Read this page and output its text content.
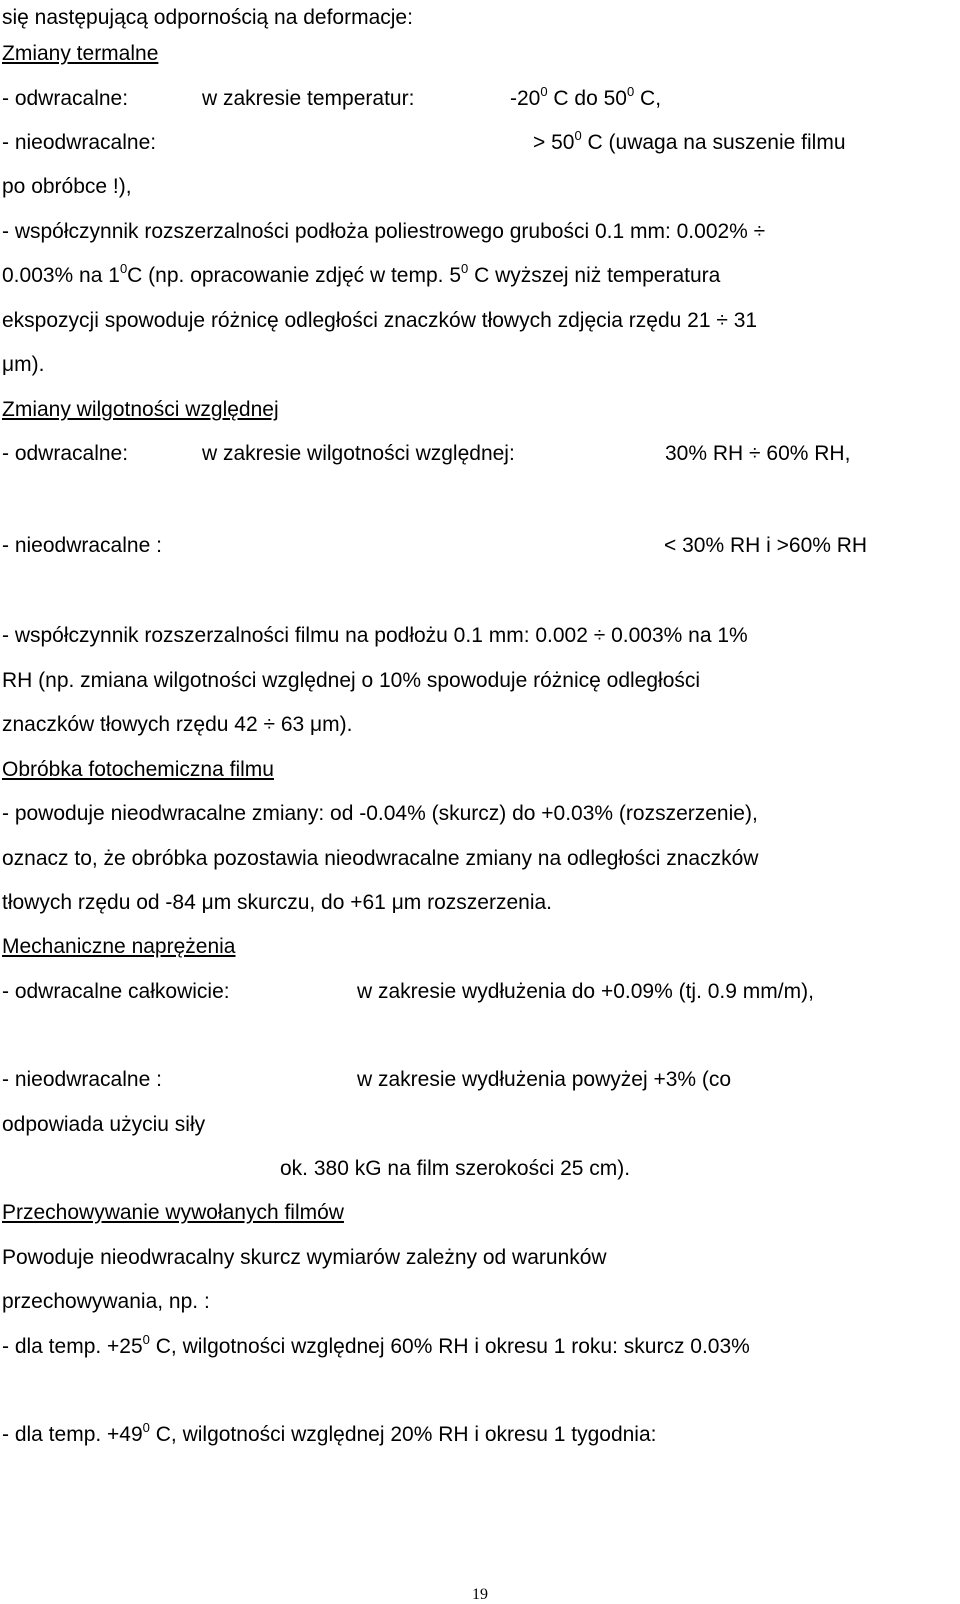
się następującą odpornością na deformacje:
Zmiany termalne
- odwracalne:	w zakresie temperatur:	$-20^0$ C do $50^0$ C,
- nieodwracalne:	> $50^0$ C (uwaga na suszenie filmu
po obróbce !),
- współczynnik rozszerzalności podłoża poliestrowego grubości 0.1 mm: 0.002% ÷
0.003% na $1^0C$ (np. opracowanie zdjęć w temp. $5^0$ C wyższej niż temperatura
ekspozycji spowoduje różnicę odległości znaczków tłowych zdjęcia rzędu 21 ÷ 31
μm).
Zmiany wilgotności względnej
- odwracalne:	w zakresie wilgotności względnej:	30% RH ÷ 60% RH,
- nieodwracalne :	< 30% RH i >60% RH
- współczynnik rozszerzalności filmu na podłożu 0.1 mm: 0.002 ÷ 0.003% na 1%
RH (np. zmiana wilgotności względnej o 10% spowoduje różnicę odległości
znaczków tłowych rzędu 42 ÷ 63 μm).
Obróbka fotochemiczna filmu
- powoduje nieodwracalne zmiany: od -0.04% (skurcz) do +0.03% (rozszerzenie),
oznacz to, że obróbka pozostawia nieodwracalne zmiany na odległości znaczków
tłowych rzędu od -84 μm skurczu, do +61 μm rozszerzenia.
Mechaniczne naprężenia
- odwracalne całkowicie:	w zakresie wydłużenia do +0.09% (tj. 0.9 mm/m),
- nieodwracalne :	w zakresie wydłużenia powyżej +3% (co
odpowiada użyciu siły
ok. 380 kG na film szerokości 25 cm).
Przechowywanie wywołanych filmów
Powoduje nieodwracalny skurcz wymiarów zależny od warunków
przechowywania, np. :
- dla temp. $+25^0$ C, wilgotności względnej 60% RH i okresu 1 roku: skurcz 0.03%
- dla temp. $+49^0$ C, wilgotności względnej 20% RH i okresu 1 tygodnia:
19
